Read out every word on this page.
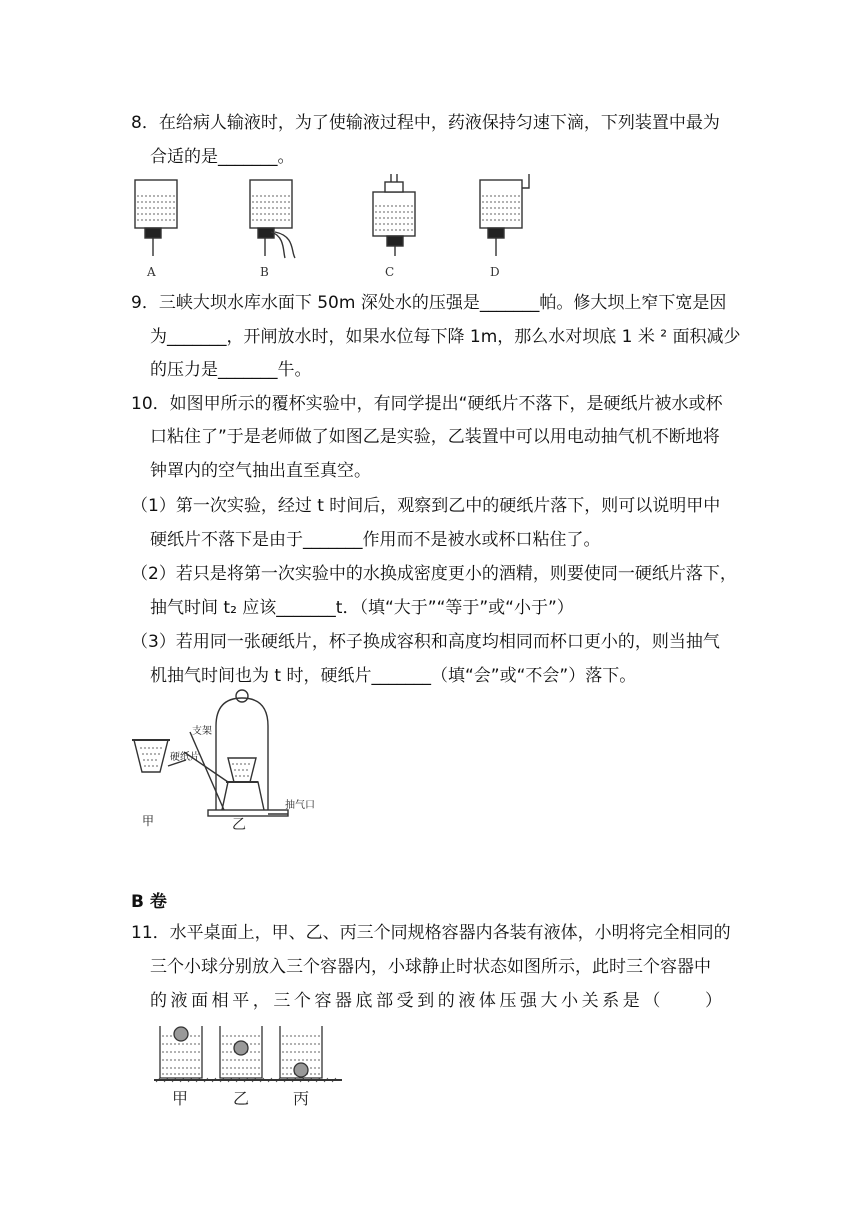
8．在给病人输液时，为了使输液过程中，药液保持匀速下滴，下列装置中最为
合适的是_______。
A	B	C	D
9．三峡大坝水库水面下 50m 深处水的压强是_______帕。修大坝上窄下宽是因
为_______，开闸放水时，如果水位每下降 1m，那么水对坝底 1 米 ² 面积减少
的压力是_______牛。
10．如图甲所示的覆杯实验中，有同学提出“硬纸片不落下，是硬纸片被水或杯
口粘住了”于是老师做了如图乙是实验，乙装置中可以用电动抽气机不断地将
钟罩内的空气抽出直至真空。
（1）第一次实验，经过 t 时间后，观察到乙中的硬纸片落下，则可以说明甲中
硬纸片不落下是由于_______作用而不是被水或杯口粘住了。
（2）若只是将第一次实验中的水换成密度更小的酒精，则要使同一硬纸片落下，
抽气时间 t₂ 应该_______t．（填“大于”“等于”或“小于”）
（3）若用同一张硬纸片，杯子换成容积和高度均相同而杯口更小的，则当抽气
机抽气时间也为 t 时，硬纸片_______（填“会”或“不会”）落下。
支架
硬纸片
抽气口
甲	乙
B 卷
11．水平桌面上，甲、乙、丙三个同规格容器内各装有液体，小明将完全相同的
三个小球分别放入三个容器内，小球静止时状态如图所示，此时三个容器中
的液面相平，三个容器底部受到的液体压强大小关系是（　　）
甲	乙	丙
